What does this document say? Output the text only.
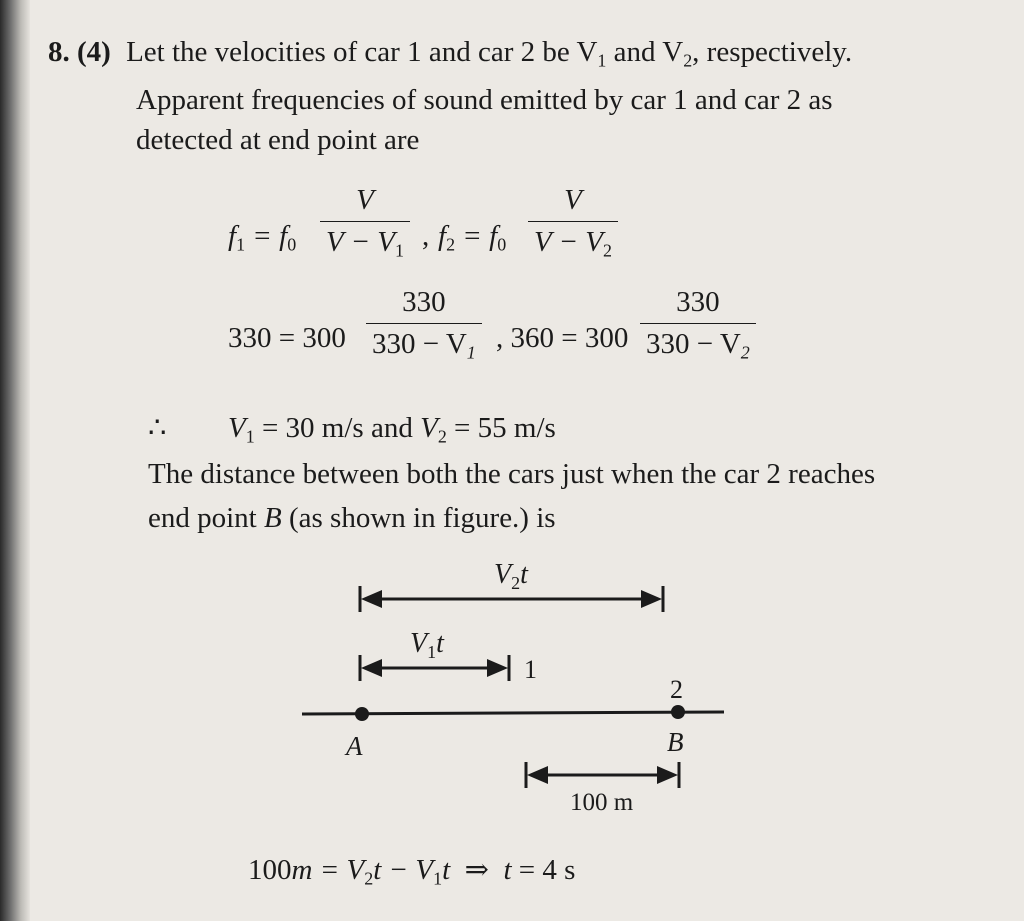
8. (4) Let the velocities of car 1 and car 2 be $V_1$ and $V_2$, respectively.
Apparent frequencies of sound emitted by car 1 and car 2 as
detected at end point are
$f_1 = f_0 \frac{V}{V - V_1}$ , $f_2 = f_0 \frac{V}{V - V_2}$
$330 = 300 \frac{330}{330 - V_1}$ , $360 = 300 \frac{330}{330 - V_2}$
∴ $V_1 = 30$ m/s and $V_2 = 55$ m/s
The distance between both the cars just when the car 2 reaches
end point B (as shown in figure.) is
$V_2t$
$V_1t$
1
2
A	B
100 m
$100m = V_2t - V_1t$  ⇒  t = 4 s
